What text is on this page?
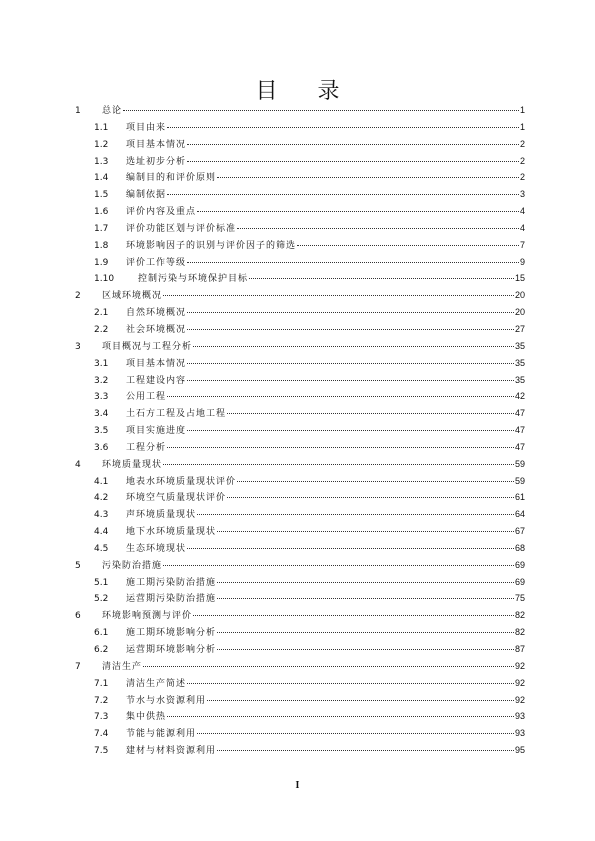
目 录
1	总论	1
1.1	项目由来	1
1.2	项目基本情况	2
1.3	选址初步分析	2
1.4	编制目的和评价原则	2
1.5	编制依据	3
1.6	评价内容及重点	4
1.7	评价功能区划与评价标准	4
1.8	环境影响因子的识别与评价因子的筛选	7
1.9	评价工作等级	9
1.10	控制污染与环境保护目标	15
2	区域环境概况	20
2.1	自然环境概况	20
2.2	社会环境概况	27
3	项目概况与工程分析	35
3.1	项目基本情况	35
3.2	工程建设内容	35
3.3	公用工程	42
3.4	土石方工程及占地工程	47
3.5	项目实施进度	47
3.6	工程分析	47
4	环境质量现状	59
4.1	地表水环境质量现状评价	59
4.2	环境空气质量现状评价	61
4.3	声环境质量现状	64
4.4	地下水环境质量现状	67
4.5	生态环境现状	68
5	污染防治措施	69
5.1	施工期污染防治措施	69
5.2	运营期污染防治措施	75
6	环境影响预测与评价	82
6.1	施工期环境影响分析	82
6.2	运营期环境影响分析	87
7	清洁生产	92
7.1	清洁生产简述	92
7.2	节水与水资源利用	92
7.3	集中供热	93
7.4	节能与能源利用	93
7.5	建材与材料资源利用	95
I
